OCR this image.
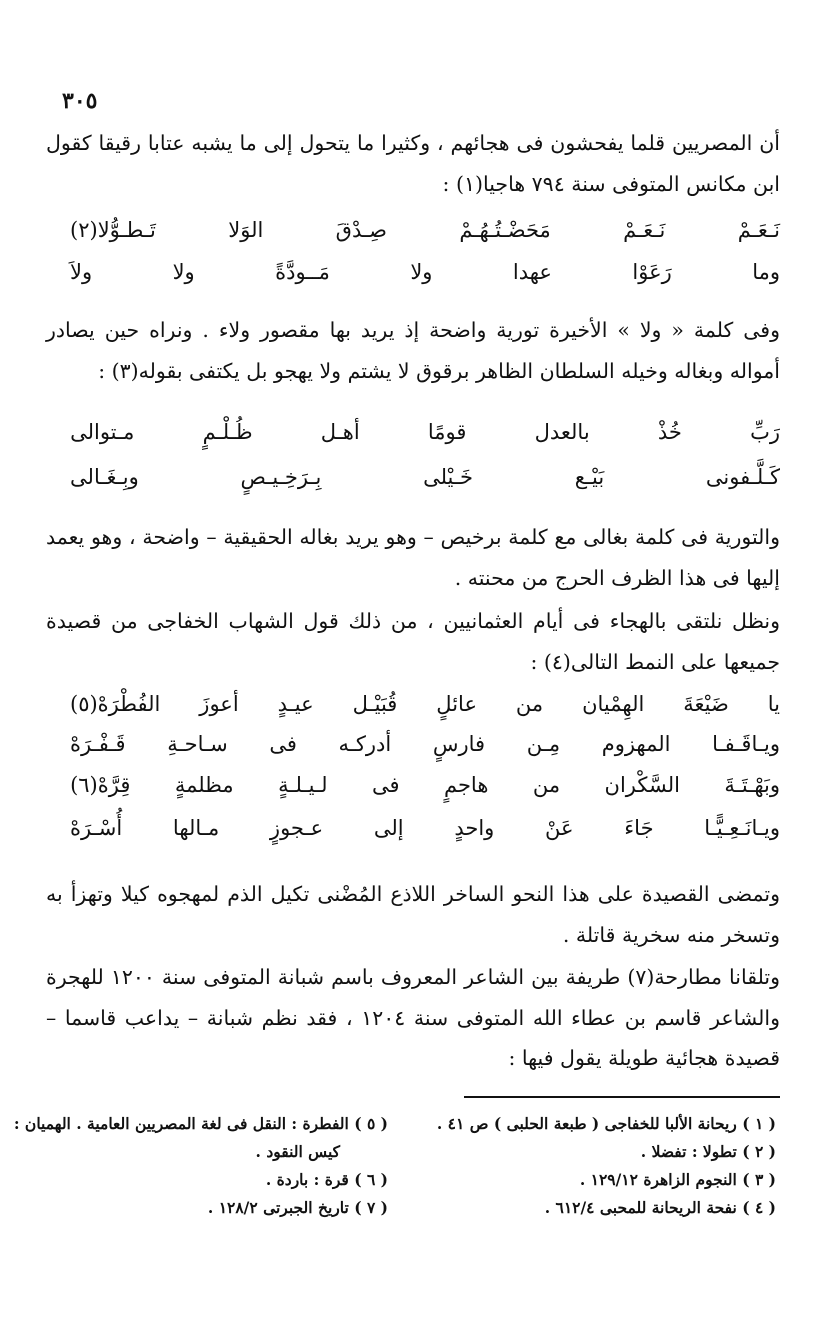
٣٠٥

أن المصريين قلما يفحشون فى هجائهم ، وكثيرا ما يتحول إلى ما يشبه عتابا رقيقا كقول ابن مكانس المتوفى سنة ٧٩٤ هاجيا(١) :

نَـعَـمْ
نَـعَـمْ
مَحَضْـتُـهُـمْ
صِـدْقَ
الوَلا
تَـطـوُّلا(٢)
وما
رَعَوْا
عهدا
ولا
مَــودَّةً
ولا
ولاَ

وفى كلمة « ولا » الأخيرة تورية واضحة إذ يريد بها مقصور ولاء . ونراه حين يصادر أمواله وبغاله وخيله السلطان الظاهر برقوق لا يشتم ولا يهجو بل يكتفى بقوله(٣) :

رَبِّ
خُذْ
بالعدل
قومًا
أهـل
ظُـلْـمٍ
مـتوالى
كَـلَّـفونى
بَيْـع
خَـيْلى
بِـرَخِـيـصٍ
وبِـغَـالى

والتورية فى كلمة بغالى مع كلمة برخيص – وهو يريد بغاله الحقيقية – واضحة ، وهو يعمد إليها فى هذا الظرف الحرج من محنته .

ونظل نلتقى بالهجاء فى أيام العثمانيين ، من ذلك قول الشهاب الخفاجى من قصيدة جميعها على النمط التالى(٤) :

يا
ضَيْعَةَ
الهِمْيان
من
عائلٍ
قُبَيْـل
عيـدٍ
أعوزَ
الفُطْرَهْ(٥)
ويـاقَـفـا
المهزوم
مِـن
فارسٍ
أدركـه
فى
سـاحـةِ
قَـفْـرَهْ
وبَهْـتَـةَ
السَّكْران
من
هاجمٍ
فى
لـيـلـةٍ
مظلمةٍ
قِرَّهْ(٦)
ويـانَـعِـيًّـا
جَاءَ
عَنْ
واحدٍ
إلى
عـجوزٍ
مـالها
أُسْـرَهْ

وتمضى القصيدة على هذا النحو الساخر اللاذع المُضْنى تكيل الذم لمهجوه كيلا وتهزأ به وتسخر منه سخرية قاتلة .

وتلقانا مطارحة(٧) طريفة بين الشاعر المعروف باسم شبانة المتوفى سنة ١٢٠٠ للهجرة والشاعر قاسم بن عطاء الله المتوفى سنة ١٢٠٤ ، فقد نظم شبانة – يداعب قاسما – قصيدة هجائية طويلة يقول فيها :

( ١ ) ريحانة الألبا للخفاجى ( طبعة الحلبى ) ص ٤١ .
( ٢ ) تطولا : تفضلا .
( ٣ ) النجوم الزاهرة ١٢٩/١٢ .
( ٤ ) نفحة الريحانة للمحبى ٦١٢/٤ .
( ٥ ) الفطرة : النقل فى لغة المصريين العامية . الهميان :
كيس النقود .
( ٦ ) قرة : باردة .
( ٧ ) تاريخ الجبرتى ١٢٨/٢ .
